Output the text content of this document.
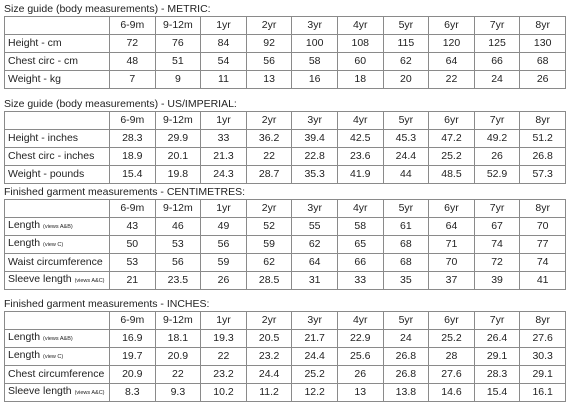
Size guide (body measurements) - METRIC:
	6-9m	9-12m	1yr	2yr	3yr	4yr	5yr	6yr	7yr	8yr
Height - cm	72	76	84	92	100	108	115	120	125	130
Chest circ - cm	48	51	54	56	58	60	62	64	66	68
Weight - kg	7	9	11	13	16	18	20	22	24	26
Size guide (body measurements) - US/IMPERIAL:
	6-9m	9-12m	1yr	2yr	3yr	4yr	5yr	6yr	7yr	8yr
Height - inches	28.3	29.9	33	36.2	39.4	42.5	45.3	47.2	49.2	51.2
Chest circ - inches	18.9	20.1	21.3	22	22.8	23.6	24.4	25.2	26	26.8
Weight - pounds	15.4	19.8	24.3	28.7	35.3	41.9	44	48.5	52.9	57.3
Finished garment measurements - CENTIMETRES:
	6-9m	9-12m	1yr	2yr	3yr	4yr	5yr	6yr	7yr	8yr
Length (views A&B)	43	46	49	52	55	58	61	64	67	70
Length (view C)	50	53	56	59	62	65	68	71	74	77
Waist circumference	53	56	59	62	64	66	68	70	72	74
Sleeve length (views A&C)	21	23.5	26	28.5	31	33	35	37	39	41
Finished garment measurements - INCHES:
	6-9m	9-12m	1yr	2yr	3yr	4yr	5yr	6yr	7yr	8yr
Length (views A&B)	16.9	18.1	19.3	20.5	21.7	22.9	24	25.2	26.4	27.6
Length (view C)	19.7	20.9	22	23.2	24.4	25.6	26.8	28	29.1	30.3
Chest circumference	20.9	22	23.2	24.4	25.2	26	26.8	27.6	28.3	29.1
Sleeve length (views A&C)	8.3	9.3	10.2	11.2	12.2	13	13.8	14.6	15.4	16.1
